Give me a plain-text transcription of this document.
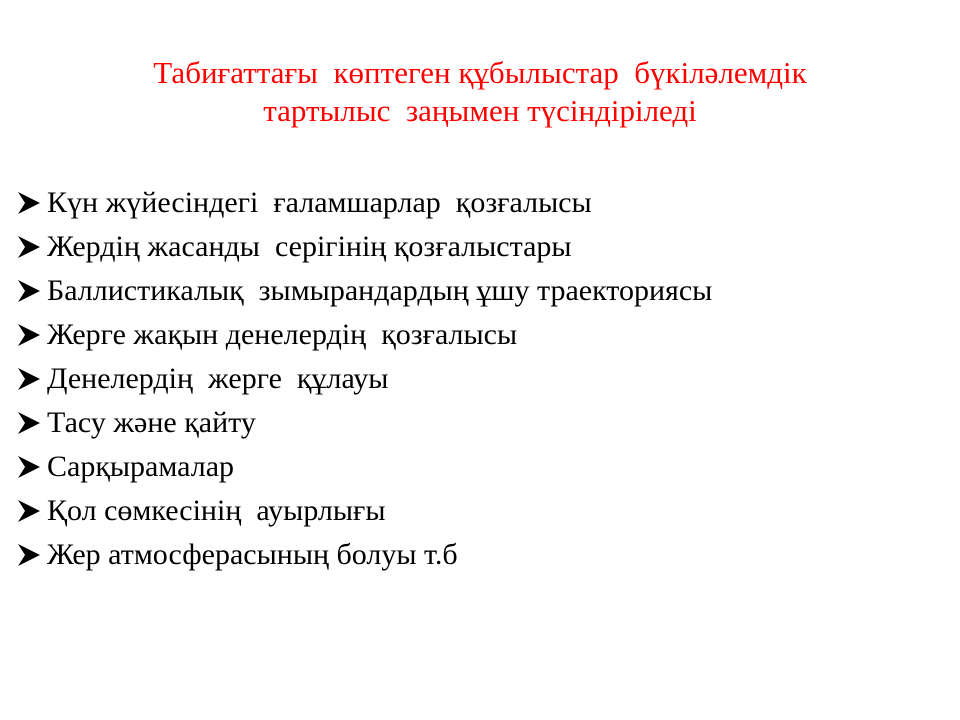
Табиғаттағы  көптеген құбылыстар  бүкіләлемдік
тартылыс  заңымен түсіндіріледі
Күн жүйесіндегі  ғаламшарлар  қозғалысы
Жердің жасанды  серігінің қозғалыстары
Баллистикалық  зымырандардың ұшу траекториясы
Жерге жақын денелердің  қозғалысы
Денелердің  жерге  құлауы
Тасу және қайту
Сарқырамалар
Қол сөмкесінің  ауырлығы
Жер атмосферасының болуы т.б
